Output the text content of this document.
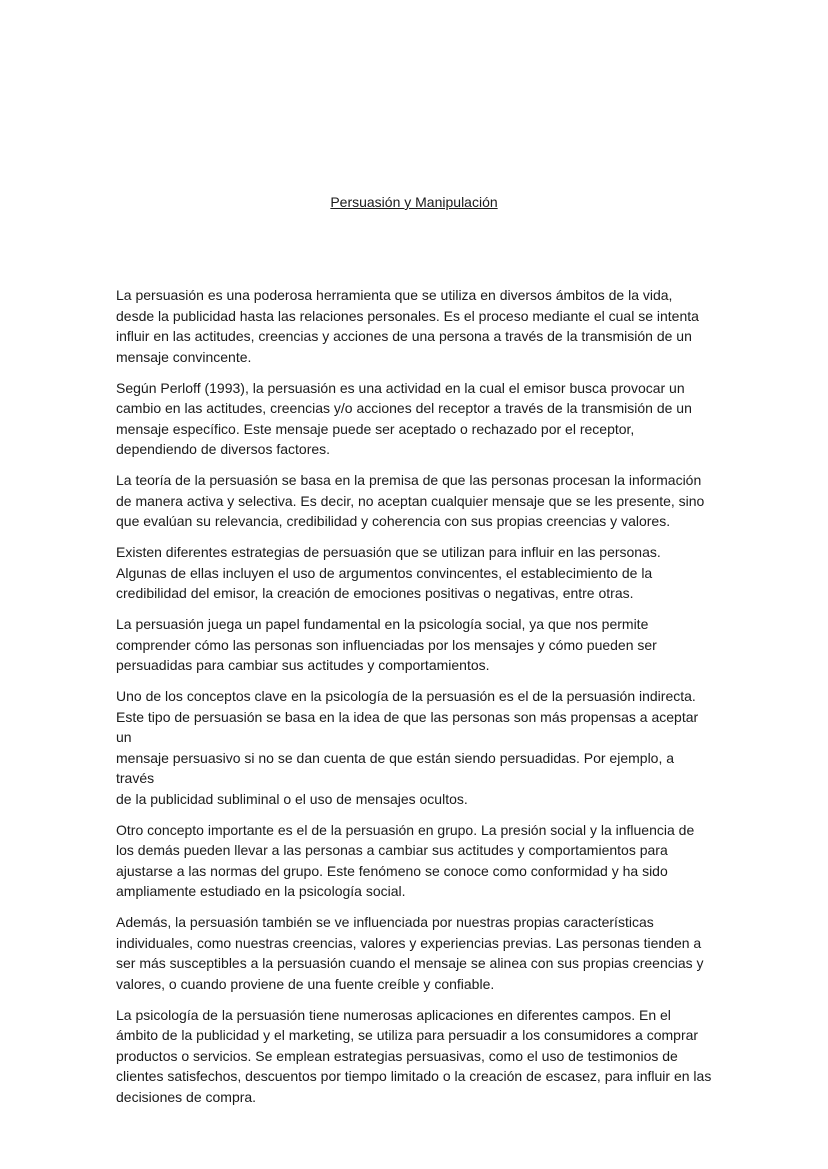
Persuasión y Manipulación

La persuasión es una poderosa herramienta que se utiliza en diversos ámbitos de la vida,
desde la publicidad hasta las relaciones personales. Es el proceso mediante el cual se intenta
influir en las actitudes, creencias y acciones de una persona a través de la transmisión de un
mensaje convincente.

Según Perloff (1993), la persuasión es una actividad en la cual el emisor busca provocar un
cambio en las actitudes, creencias y/o acciones del receptor a través de la transmisión de un
mensaje específico. Este mensaje puede ser aceptado o rechazado por el receptor,
dependiendo de diversos factores.

La teoría de la persuasión se basa en la premisa de que las personas procesan la información
de manera activa y selectiva. Es decir, no aceptan cualquier mensaje que se les presente, sino
que evalúan su relevancia, credibilidad y coherencia con sus propias creencias y valores.

Existen diferentes estrategias de persuasión que se utilizan para influir en las personas.
Algunas de ellas incluyen el uso de argumentos convincentes, el establecimiento de la
credibilidad del emisor, la creación de emociones positivas o negativas, entre otras.

La persuasión juega un papel fundamental en la psicología social, ya que nos permite
comprender cómo las personas son influenciadas por los mensajes y cómo pueden ser
persuadidas para cambiar sus actitudes y comportamientos.

Uno de los conceptos clave en la psicología de la persuasión es el de la persuasión indirecta.
Este tipo de persuasión se basa en la idea de que las personas son más propensas a aceptar un
mensaje persuasivo si no se dan cuenta de que están siendo persuadidas. Por ejemplo, a través
de la publicidad subliminal o el uso de mensajes ocultos.

Otro concepto importante es el de la persuasión en grupo. La presión social y la influencia de
los demás pueden llevar a las personas a cambiar sus actitudes y comportamientos para
ajustarse a las normas del grupo. Este fenómeno se conoce como conformidad y ha sido
ampliamente estudiado en la psicología social.

Además, la persuasión también se ve influenciada por nuestras propias características
individuales, como nuestras creencias, valores y experiencias previas. Las personas tienden a
ser más susceptibles a la persuasión cuando el mensaje se alinea con sus propias creencias y
valores, o cuando proviene de una fuente creíble y confiable.

La psicología de la persuasión tiene numerosas aplicaciones en diferentes campos. En el
ámbito de la publicidad y el marketing, se utiliza para persuadir a los consumidores a comprar
productos o servicios. Se emplean estrategias persuasivas, como el uso de testimonios de
clientes satisfechos, descuentos por tiempo limitado o la creación de escasez, para influir en las
decisiones de compra.
